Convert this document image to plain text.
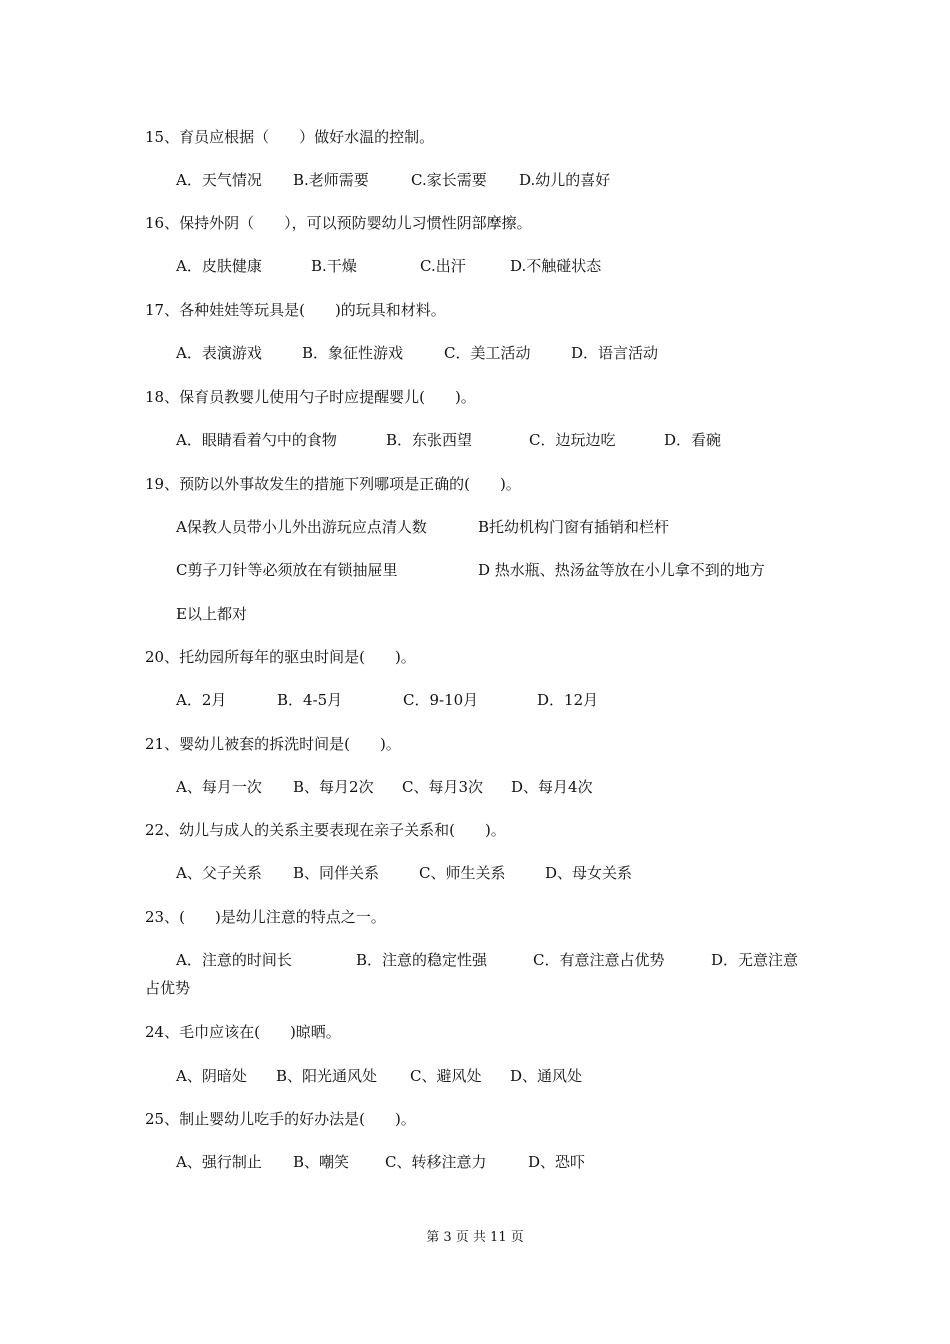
15、育员应根据（　　）做好水温的控制。
A．天气情况 B.老师需要	C.家长需要 D.幼儿的喜好
16、保持外阴（　　），可以预防婴幼儿习惯性阴部摩擦。
A．皮肤健康	B.干燥	C.出汗	D.不触碰状态
17、各种娃娃等玩具是(　　)的玩具和材料。
A．表演游戏	B．象征性游戏	C．美工活动	D．语言活动
18、保育员教婴儿使用勺子时应提醒婴儿(　　)。
A．眼睛看着勺中的食物	B．东张西望	C．边玩边吃	D．看碗
19、预防以外事故发生的措施下列哪项是正确的(　　)。
A保教人员带小儿外出游玩应点清人数	B托幼机构门窗有插销和栏杆
C剪子刀针等必须放在有锁抽屉里	D 热水瓶、热汤盆等放在小儿拿不到的地方
E以上都对
20、托幼园所每年的驱虫时间是(　　)。
A．2月	B．4-5月	C．9-10月	D．12月
21、婴幼儿被套的拆洗时间是(　　)。
A、每月一次 B、每月2次 C、每月3次 D、每月4次
22、幼儿与成人的关系主要表现在亲子关系和(　　)。
A、父子关系 B、同伴关系	C、师生关系	D、母女关系
23、(　　)是幼儿注意的特点之一。
A．注意的时间长	B．注意的稳定性强	C．有意注意占优势	D．无意注意
占优势
24、毛巾应该在(　　)晾晒。
A、阴暗处 B、阳光通风处 C、避风处 D、通风处
25、制止婴幼儿吃手的好办法是(　　)。
A、强行制止 B、嘲笑 C、转移注意力	D、恐吓
第 3 页 共 11 页
